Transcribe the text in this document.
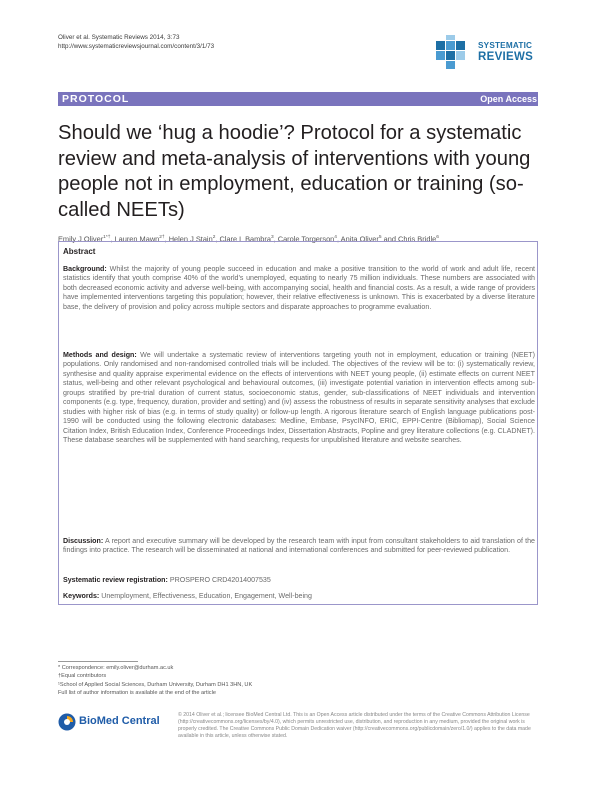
Oliver et al. Systematic Reviews 2014, 3:73
http://www.systematicreviewsjournal.com/content/3/1/73	SYSTEMATIC
REVIEWS
PROTOCOL	Open Access
Should we ‘hug a hoodie’? Protocol for a systematic review and meta-analysis of interventions with young people not in employment, education or training (so-called NEETs)
Emily J Oliver$^{1*\dagger}$, Lauren Mawn$^{2\dagger}$, Helen J Stain$^2$, Clare L Bambra$^3$, Carole Torgerson$^4$, Anita Oliver$^5$ and Chris Bridle$^6$
Abstract
Background: Whilst the majority of young people succeed in education and make a positive transition to the world of work and adult life, recent statistics identify that youth comprise 40% of the world’s unemployed, equating to nearly 75 million individuals. These numbers are associated with both decreased economic activity and adverse well-being, with accompanying social, health and financial costs. As a result, a wide range of providers have implemented interventions targeting this population; however, their relative effectiveness is unknown. This is exacerbated by a diverse literature base, the delivery of provision and policy across multiple sectors and disparate approaches to programme evaluation.
Methods and design: We will undertake a systematic review of interventions targeting youth not in employment, education or training (NEET) populations. Only randomised and non-randomised controlled trials will be included. The objectives of the review will be to: (i) systematically review, synthesise and quality appraise experimental evidence on the effects of interventions with NEET young people, (ii) estimate effects on current NEET status, well-being and other relevant psychological and behavioural outcomes, (iii) investigate potential variation in intervention effects among sub-groups stratified by pre-trial duration of current status, socioeconomic status, gender, sub-classifications of NEET individuals and intervention components (e.g. type, frequency, duration, provider and setting) and (iv) assess the robustness of results in separate sensitivity analyses that exclude studies with higher risk of bias (e.g. in terms of study quality) or follow-up length. A rigorous literature search of English language publications post-1990 will be conducted using the following electronic databases: Medline, Embase, PsycINFO, ERIC, EPPI-Centre (Bibliomap), Social Science Citation Index, British Education Index, Conference Proceedings Index, Dissertation Abstracts, Popline and grey literature collections (e.g. CLADNET). These database searches will be supplemented with hand searching, requests for unpublished literature and website searches.
Discussion: A report and executive summary will be developed by the research team with input from consultant stakeholders to aid translation of the findings into practice. The research will be disseminated at national and international conferences and submitted for peer-reviewed publication.
Systematic review registration: PROSPERO CRD42014007535
Keywords: Unemployment, Effectiveness, Education, Engagement, Well-being
* Correspondence: emily.oliver@durham.ac.uk
†Equal contributors
¹School of Applied Social Sciences, Durham University, Durham DH1 3HN, UK
Full list of author information is available at the end of the article
BioMed Central	© 2014 Oliver et al.; licensee BioMed Central Ltd. This is an Open Access article distributed under the terms of the Creative Commons Attribution License (http://creativecommons.org/licenses/by/4.0), which permits unrestricted use, distribution, and reproduction in any medium, provided the original work is properly credited. The Creative Commons Public Domain Dedication waiver (http://creativecommons.org/publicdomain/zero/1.0/) applies to the data made available in this article, unless otherwise stated.
